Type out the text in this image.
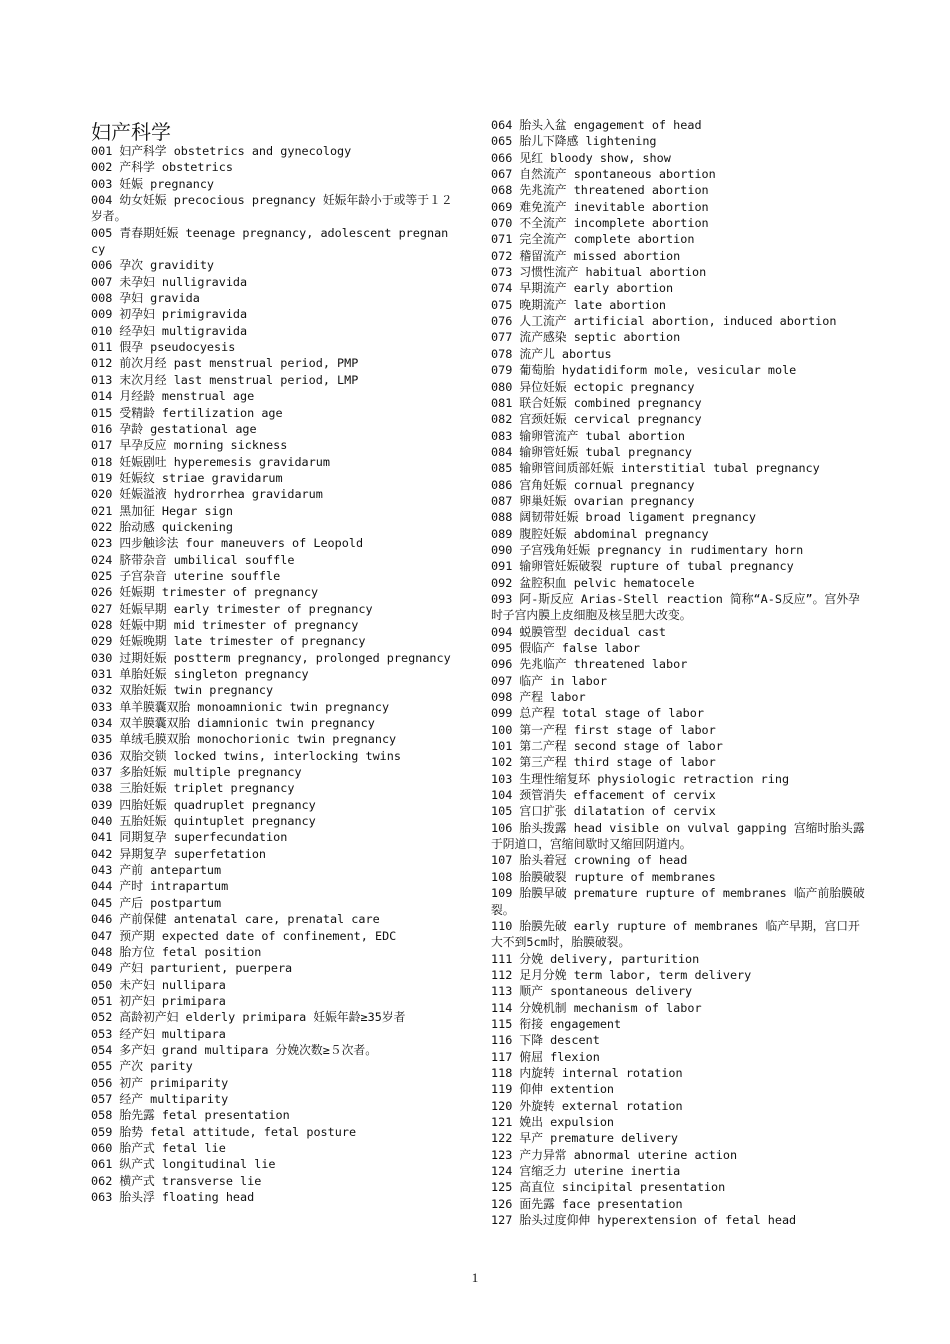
妇产科学
001 妇产科学 obstetrics and gynecology
002 产科学 obstetrics
003 妊娠 pregnancy
004 幼女妊娠 precocious pregnancy 妊娠年龄小于或等于１２岁者。
005 青春期妊娠 teenage pregnancy, adolescent pregnancy
006 孕次 gravidity
007 未孕妇 nulligravida
008 孕妇 gravida
009 初孕妇 primigravida
010 经孕妇 multigravida
011 假孕 pseudocyesis
012 前次月经 past menstrual period, PMP
013 末次月经 last menstrual period, LMP
014 月经龄 menstrual age
015 受精龄 fertilization age
016 孕龄 gestational age
017 早孕反应 morning sickness
018 妊娠剧吐 hyperemesis gravidarum
019 妊娠纹 striae gravidarum
020 妊娠溢液 hydrorrhea gravidarum
021 黑加征 Hegar sign
022 胎动感 quickening
023 四步触诊法 four maneuvers of Leopold
024 脐带杂音 umbilical souffle
025 子宫杂音 uterine souffle
026 妊娠期 trimester of pregnancy
027 妊娠早期 early trimester of pregnancy
028 妊娠中期 mid trimester of pregnancy
029 妊娠晚期 late trimester of pregnancy
030 过期妊娠 postterm pregnancy, prolonged pregnancy
031 单胎妊娠 singleton pregnancy
032 双胎妊娠 twin pregnancy
033 单羊膜囊双胎 monoamnionic twin pregnancy
034 双羊膜囊双胎 diamnionic twin pregnancy
035 单绒毛膜双胎 monochorionic twin pregnancy
036 双胎交锁 locked twins, interlocking twins
037 多胎妊娠 multiple pregnancy
038 三胎妊娠 triplet pregnancy
039 四胎妊娠 quadruplet pregnancy
040 五胎妊娠 quintuplet pregnancy
041 同期复孕 superfecundation
042 异期复孕 superfetation
043 产前 antepartum
044 产时 intrapartum
045 产后 postpartum
046 产前保健 antenatal care, prenatal care
047 预产期 expected date of confinement, EDC
048 胎方位 fetal position
049 产妇 parturient, puerpera
050 未产妇 nullipara
051 初产妇 primipara
052 高龄初产妇 elderly primipara 妊娠年龄≥35岁者
053 经产妇 multipara
054 多产妇 grand multipara 分娩次数≥５次者。
055 产次 parity
056 初产 primiparity
057 经产 multiparity
058 胎先露 fetal presentation
059 胎势 fetal attitude, fetal posture
060 胎产式 fetal lie
061 纵产式 longitudinal lie
062 横产式 transverse lie
063 胎头浮 floating head
064 胎头入盆 engagement of head
065 胎儿下降感 lightening
066 见红 bloody show, show
067 自然流产 spontaneous abortion
068 先兆流产 threatened abortion
069 难免流产 inevitable abortion
070 不全流产 incomplete abortion
071 完全流产 complete abortion
072 稽留流产 missed abortion
073 习惯性流产 habitual abortion
074 早期流产 early abortion
075 晚期流产 late abortion
076 人工流产 artificial abortion, induced abortion
077 流产感染 septic abortion
078 流产儿 abortus
079 葡萄胎 hydatidiform mole, vesicular mole
080 异位妊娠 ectopic pregnancy
081 联合妊娠 combined pregnancy
082 宫颈妊娠 cervical pregnancy
083 输卵管流产 tubal abortion
084 输卵管妊娠 tubal pregnancy
085 输卵管间质部妊娠 interstitial tubal pregnancy
086 宫角妊娠 cornual pregnancy
087 卵巢妊娠 ovarian pregnancy
088 阔韧带妊娠 broad ligament pregnancy
089 腹腔妊娠 abdominal pregnancy
090 子宫残角妊娠 pregnancy in rudimentary horn
091 输卵管妊娠破裂 rupture of tubal pregnancy
092 盆腔积血 pelvic hematocele
093 阿-斯反应 Arias-Stell reaction 简称“A-S反应”。宫外孕时子宫内膜上皮细胞及核呈肥大改变。
094 蜕膜管型 decidual cast
095 假临产 false labor
096 先兆临产 threatened labor
097 临产 in labor
098 产程 labor
099 总产程 total stage of labor
100 第一产程 first stage of labor
101 第二产程 second stage of labor
102 第三产程 third stage of labor
103 生理性缩复环 physiologic retraction ring
104 颈管消失 effacement of cervix
105 宫口扩张 dilatation of cervix
106 胎头拨露 head visible on vulval gapping 宫缩时胎头露于阴道口，宫缩间歇时又缩回阴道内。
107 胎头着冠 crowning of head
108 胎膜破裂 rupture of membranes
109 胎膜早破 premature rupture of membranes 临产前胎膜破裂。
110 胎膜先破 early rupture of membranes 临产早期，宫口开大不到5cm时，胎膜破裂。
111 分娩 delivery, parturition
112 足月分娩 term labor, term delivery
113 顺产 spontaneous delivery
114 分娩机制 mechanism of labor
115 衔接 engagement
116 下降 descent
117 俯屈 flexion
118 内旋转 internal rotation
119 仰伸 extention
120 外旋转 external rotation
121 娩出 expulsion
122 早产 premature delivery
123 产力异常 abnormal uterine action
124 宫缩乏力 uterine inertia
125 高直位 sincipital presentation
126 面先露 face presentation
127 胎头过度仰伸 hyperextension of fetal head
1
